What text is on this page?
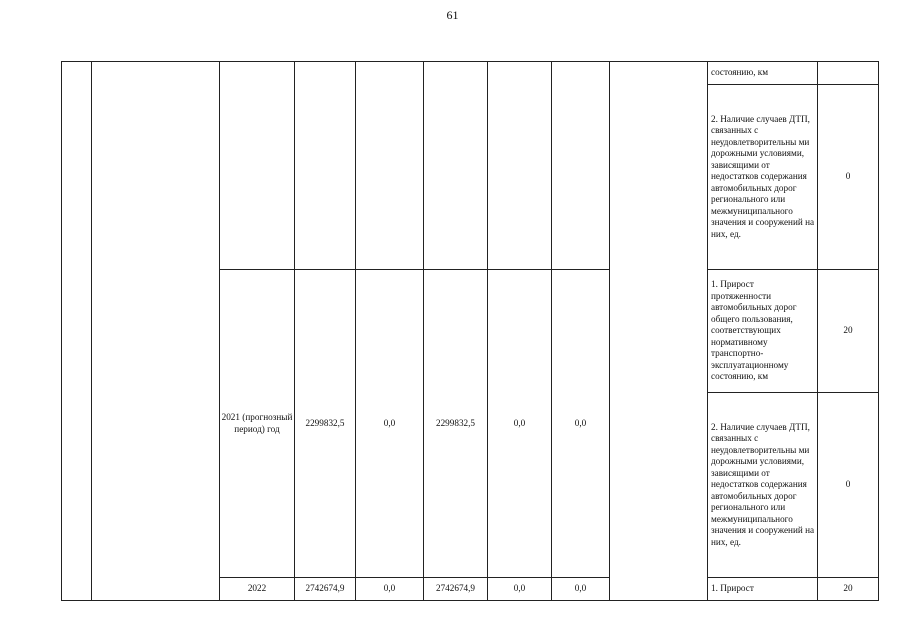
61
									состоянию, км	
									2. Наличие случаев ДТП, связанных с неудовлетворительны ми дорожными условиями, зависящими от недостатков содержания автомобильных дорог регионального или межмуниципального значения и сооружений на них, ед.	0
		2021 (прогнозный период) год	2299832,5	0,0	2299832,5	0,0	0,0		1. Прирост протяженности автомобильных дорог общего пользования, соответствующих нормативному транспортно-эксплуатационному состоянию, км	20
									2. Наличие случаев ДТП, связанных с неудовлетворительны ми дорожными условиями, зависящими от недостатков содержания автомобильных дорог регионального или межмуниципального значения и сооружений на них, ед.	0
		2022	2742674,9	0,0	2742674,9	0,0	0,0		1. Прирост	20
